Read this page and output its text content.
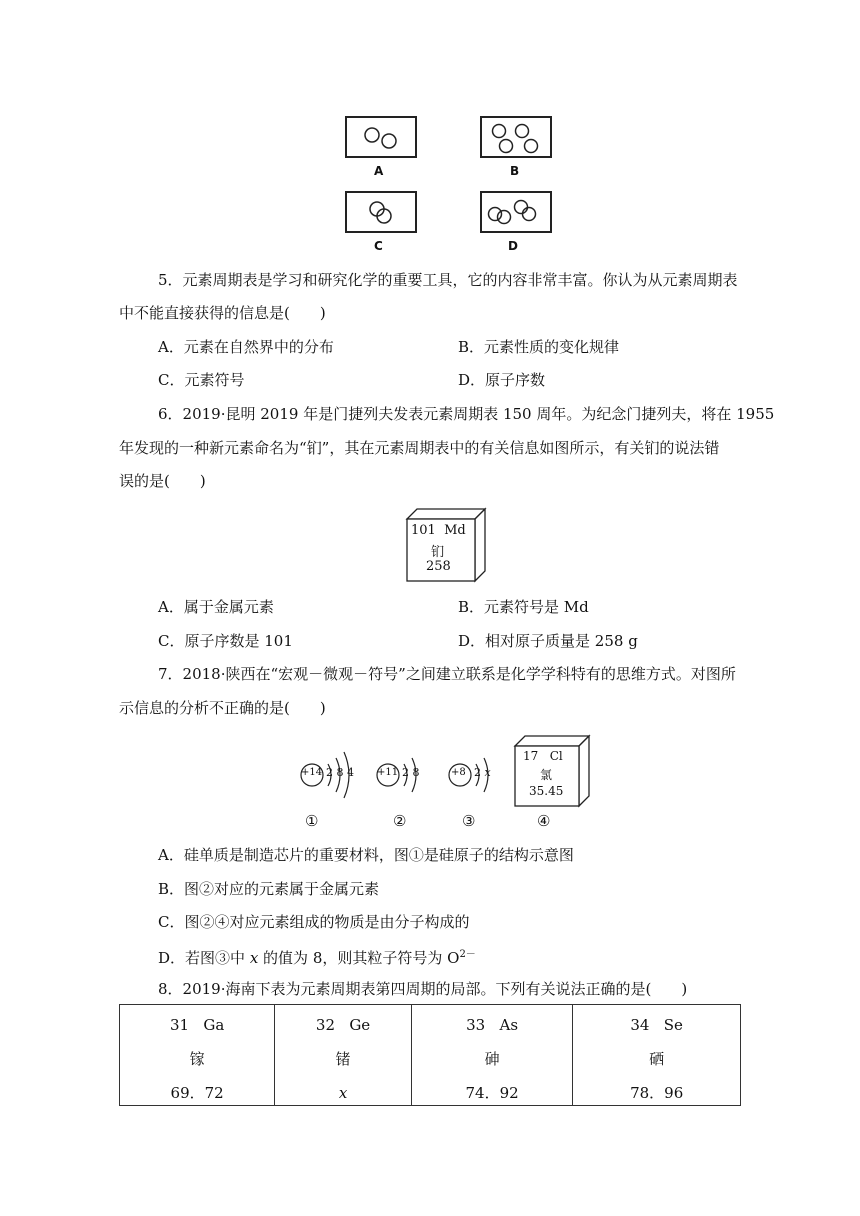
A	B
C	D
5．元素周期表是学习和研究化学的重要工具，它的内容非常丰富。你认为从元素周期表
中不能直接获得的信息是(　　)
A．元素在自然界中的分布	B．元素性质的变化规律
C．元素符号	D．原子序数
6．2019·昆明 2019 年是门捷列夫发表元素周期表 150 周年。为纪念门捷列夫，将在 1955
年发现的一种新元素命名为“钔”，其在元素周期表中的有关信息如图所示，有关钔的说法错
误的是(　　)
101 Md
钔
258
A．属于金属元素	B．元素符号是 Md
C．原子序数是 101	D．相对原子质量是 258 g
7．2018·陕西在“宏观－微观－符号”之间建立联系是化学学科特有的思维方式。对图所
示信息的分析不正确的是(　　)
+14 2 8 4
①
+11 2 8
②
+8 2 x
③
17 Cl
氯
35.45
④
A．硅单质是制造芯片的重要材料，图①是硅原子的结构示意图
B．图②对应的元素属于金属元素
C．图②④对应元素组成的物质是由分子构成的
D．若图③中 x 的值为 8，则其粒子符号为 $O^{2-}$
8．2019·海南下表为元素周期表第四周期的局部。下列有关说法正确的是(　　)
31 Ga
镓
69．72

32 Ge
锗
x

33 As
砷
74．92

34 Se
硒
78．96
